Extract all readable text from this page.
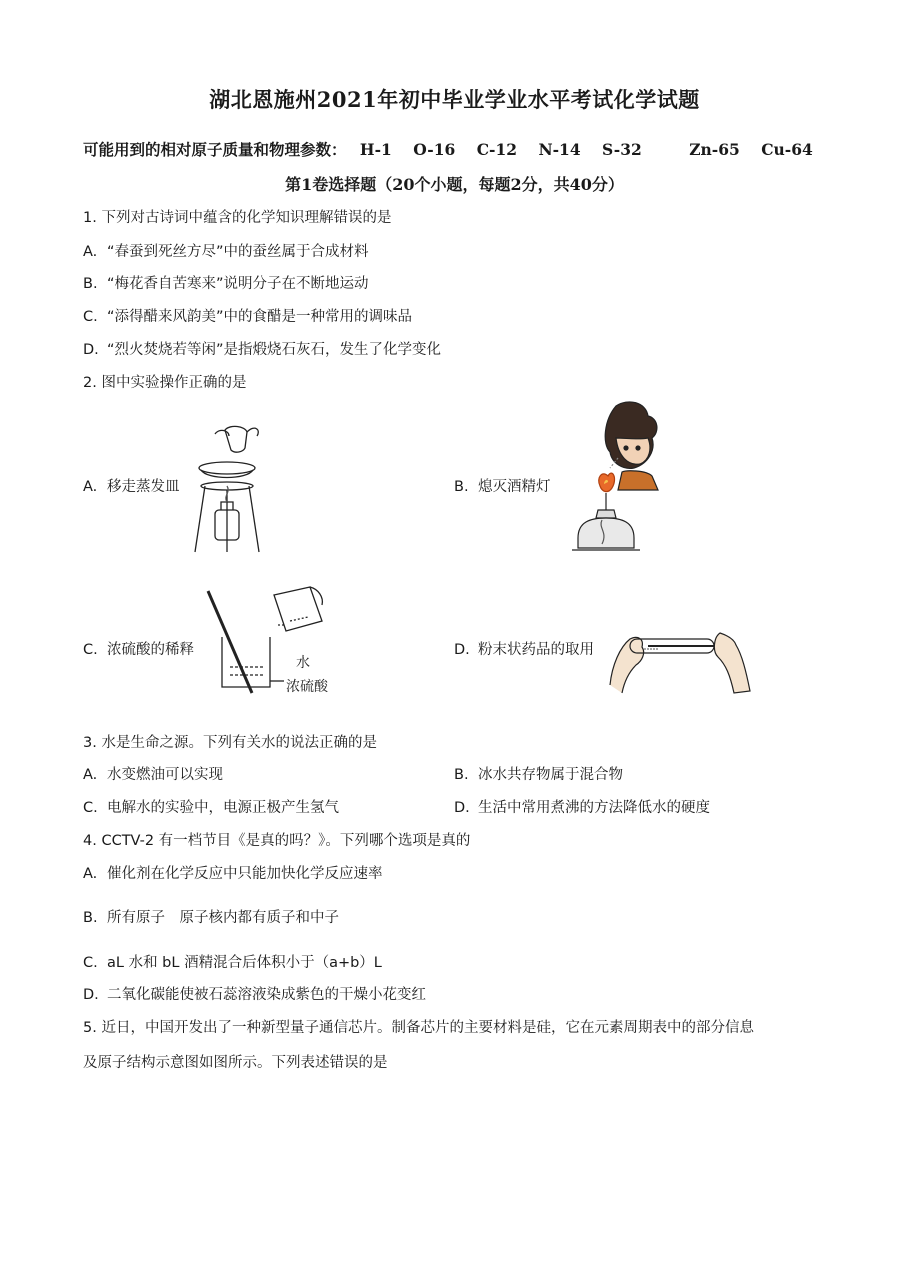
湖北恩施州2021年初中毕业学业水平考试化学试题
可能用到的相对原子质量和物理参数： H-1 O-16 C-12 N-14 S-32	Zn-65 Cu-64
第1卷选择题（20个小题，每题2分，共40分）
1. 下列对古诗词中蕴含的化学知识理解错误的是
A. “春蚕到死丝方尽”中的蚕丝属于合成材料
B. “梅花香自苦寒来”说明分子在不断地运动
C. “添得醋来风韵美”中的食醋是一种常用的调味品
D. “烈火焚烧若等闲”是指煅烧石灰石，发生了化学变化
2. 图中实验操作正确的是
A. 移走蒸发皿	B. 熄灭酒精灯
C. 浓硫酸的稀释	D. 粉末状药品的取用
水
浓硫酸
3. 水是生命之源。下列有关水的说法正确的是
A. 水变燃油可以实现	B. 冰水共存物属于混合物
C. 电解水的实验中，电源正极产生氢气	D. 生活中常用煮沸的方法降低水的硬度
4. CCTV-2 有一档节目《是真的吗？》。下列哪个选项是真的
A. 催化剂在化学反应中只能加快化学反应速率
B. 所有原子　原子核内都有质子和中子
C. aL 水和 bL 酒精混合后体积小于（a+b）L
D. 二氧化碳能使被石蕊溶液染成紫色的干燥小花变红
5. 近日，中国开发出了一种新型量子通信芯片。制备芯片的主要材料是硅，它在元素周期表中的部分信息
及原子结构示意图如图所示。下列表述错误的是
